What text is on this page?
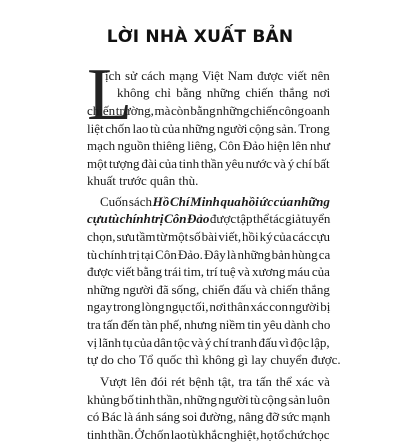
LỜI NHÀ XUẤT BẢN
L
ịch sử cách mạng Việt Nam được viết nên
không chỉ bằng những chiến thắng nơi
chiến trường, mà còn bằng những chiến công oanh
liệt chốn lao tù của những người cộng sản. Trong
mạch nguồn thiêng liêng, Côn Đảo hiện lên như
một tượng đài của tinh thần yêu nước và ý chí bất
khuất trước quân thù.
Cuốn sách Hồ Chí Minh qua hồi ức của những
cựu tù chính trị Côn Đảo được tập thể tác giả tuyển
chọn, sưu tầm từ một số bài viết, hồi ký của các cựu
tù chính trị tại Côn Đảo. Đây là những bản hùng ca
được viết bằng trái tim, trí tuệ và xương máu của
những người đã sống, chiến đấu và chiến thắng
ngay trong lòng ngục tối, nơi thân xác con người bị
tra tấn đến tàn phế, nhưng niềm tin yêu dành cho
vị lãnh tụ của dân tộc và ý chí tranh đấu vì độc lập,
tự do cho Tổ quốc thì không gì lay chuyển được.
Vượt lên đói rét bệnh tật, tra tấn thể xác và
khủng bố tinh thần, những người tù cộng sản luôn
có Bác là ánh sáng soi đường, nâng đỡ sức mạnh
tinh thần. Ở chốn lao tù khắc nghiệt, họ tổ chức học
